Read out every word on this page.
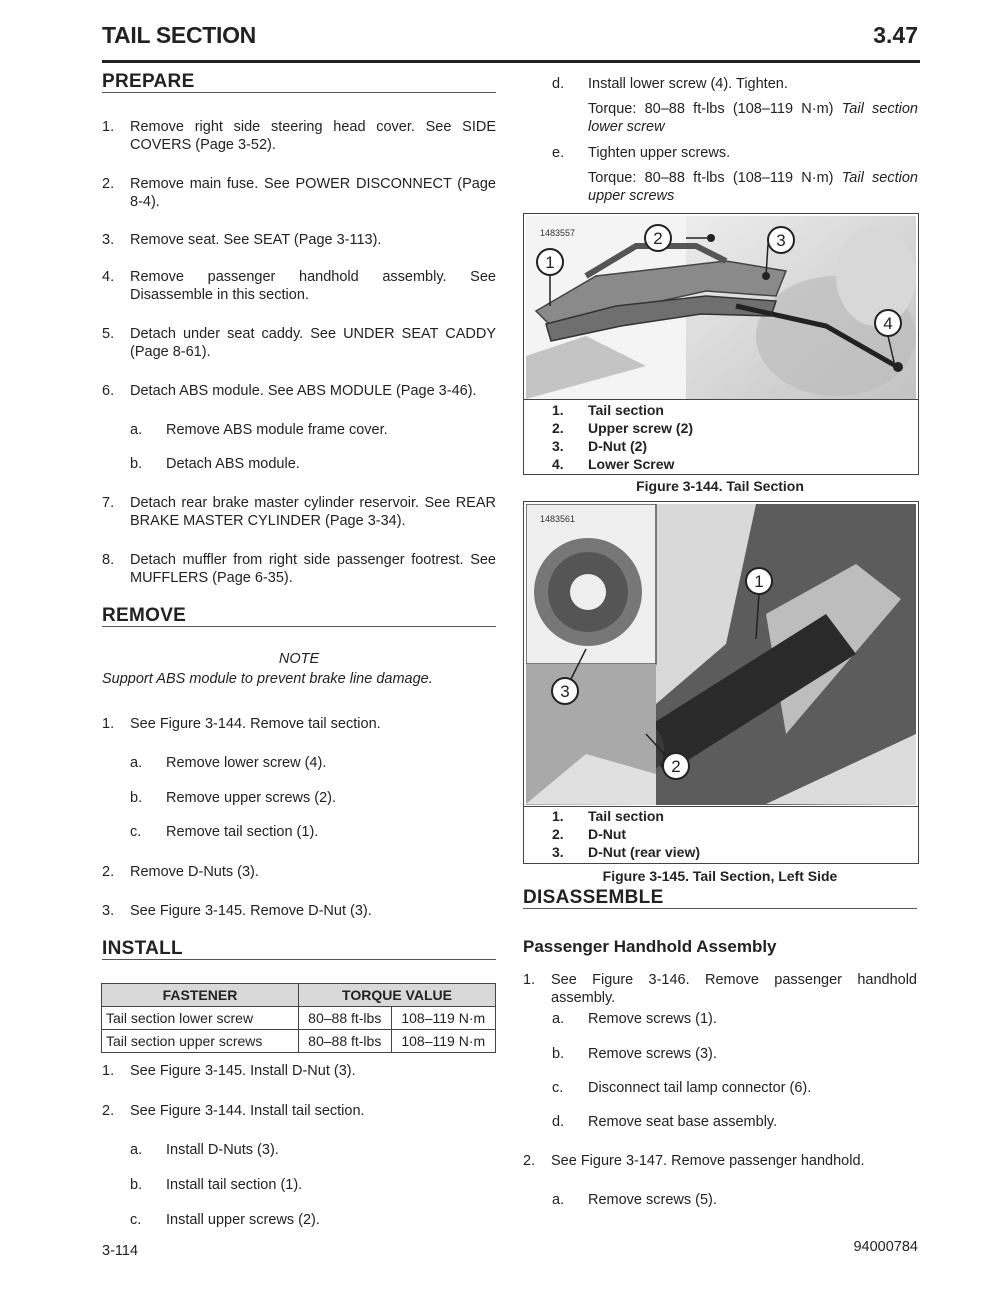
TAIL SECTION	3.47
PREPARE
1. Remove right side steering head cover. See SIDE COVERS (Page 3-52).
2. Remove main fuse. See POWER DISCONNECT (Page 8-4).
3. Remove seat. See SEAT (Page 3-113).
4. Remove passenger handhold assembly. See Disassemble in this section.
5. Detach under seat caddy. See UNDER SEAT CADDY (Page 8-61).
6. Detach ABS module. See ABS MODULE (Page 3-46).
a. Remove ABS module frame cover.
b. Detach ABS module.
7. Detach rear brake master cylinder reservoir. See REAR BRAKE MASTER CYLINDER (Page 3-34).
8. Detach muffler from right side passenger footrest. See MUFFLERS (Page 6-35).
REMOVE
NOTE
Support ABS module to prevent brake line damage.
1. See Figure 3-144. Remove tail section.
a. Remove lower screw (4).
b. Remove upper screws (2).
c. Remove tail section (1).
2. Remove D-Nuts (3).
3. See Figure 3-145. Remove D-Nut (3).
INSTALL
FASTENER	TORQUE VALUE	
Tail section lower screw	80–88 ft-lbs	108–119 N·m
Tail section upper screws	80–88 ft-lbs	108–119 N·m
1. See Figure 3-145. Install D-Nut (3).
2. See Figure 3-144. Install tail section.
a. Install D-Nuts (3).
b. Install tail section (1).
c. Install upper screws (2).
d. Install lower screw (4). Tighten.
Torque: 80–88 ft-lbs (108–119 N·m) Tail section lower screw
e. Tighten upper screws.
Torque: 80–88 ft-lbs (108–119 N·m) Tail section upper screws
1
2	3
4
1483557
1. Tail section
2. Upper screw (2)
3. D-Nut (2)
4. Lower Screw
Figure 3-144. Tail Section
1
2
3
1483561
1. Tail section
2. D-Nut
3. D-Nut (rear view)
Figure 3-145. Tail Section, Left Side
DISASSEMBLE
Passenger Handhold Assembly
1. See Figure 3-146. Remove passenger handhold assembly.
a. Remove screws (1).
b. Remove screws (3).
c. Disconnect tail lamp connector (6).
d. Remove seat base assembly.
2. See Figure 3-147. Remove passenger handhold.
a. Remove screws (5).
3-114	94000784
